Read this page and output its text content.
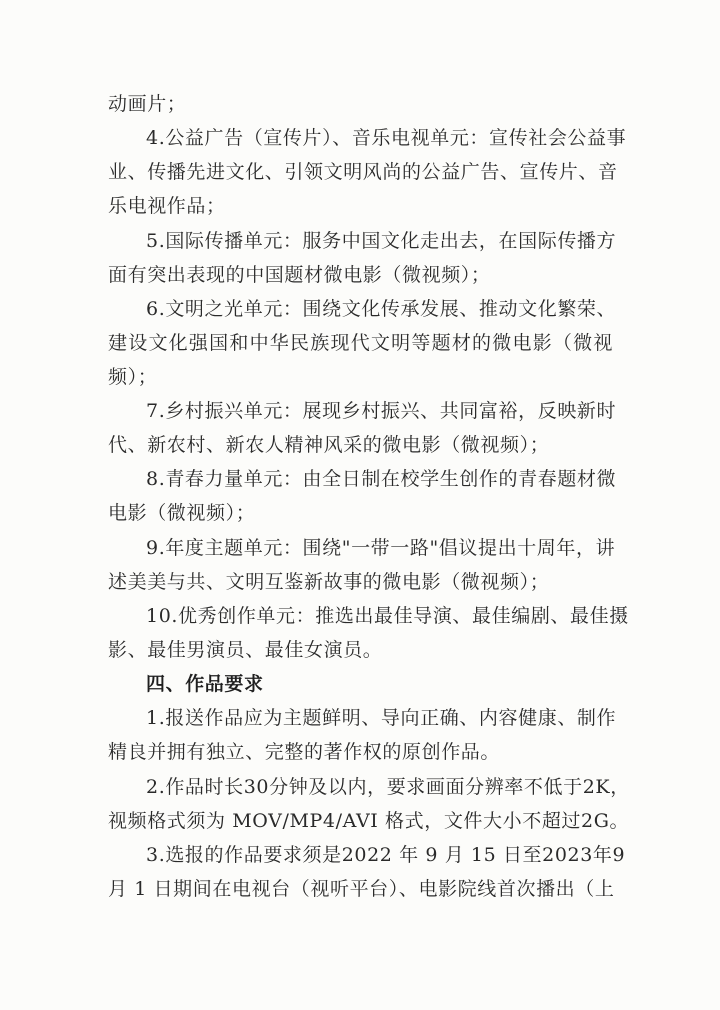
动画片；
4.公益广告（宣传片）、音乐电视单元：宣传社会公益事
业、传播先进文化、引领文明风尚的公益广告、宣传片、音
乐电视作品；
5.国际传播单元：服务中国文化走出去，在国际传播方
面有突出表现的中国题材微电影（微视频）；
6.文明之光单元：围绕文化传承发展、推动文化繁荣、
建设文化强国和中华民族现代文明等题材的微电影（微视
频）；
7.乡村振兴单元：展现乡村振兴、共同富裕，反映新时
代、新农村、新农人精神风采的微电影（微视频）；
8.青春力量单元：由全日制在校学生创作的青春题材微
电影（微视频）；
9.年度主题单元：围绕"一带一路"倡议提出十周年，讲
述美美与共、文明互鉴新故事的微电影（微视频）；
10.优秀创作单元：推选出最佳导演、最佳编剧、最佳摄
影、最佳男演员、最佳女演员。
四、作品要求
1.报送作品应为主题鲜明、导向正确、内容健康、制作
精良并拥有独立、完整的著作权的原创作品。
2.作品时长30分钟及以内，要求画面分辨率不低于2K，
视频格式须为 MOV/MP4/AVI 格式，文件大小不超过2G。
3.选报的作品要求须是2022 年 9 月 15 日至2023年9
月 1 日期间在电视台（视听平台）、电影院线首次播出（上
